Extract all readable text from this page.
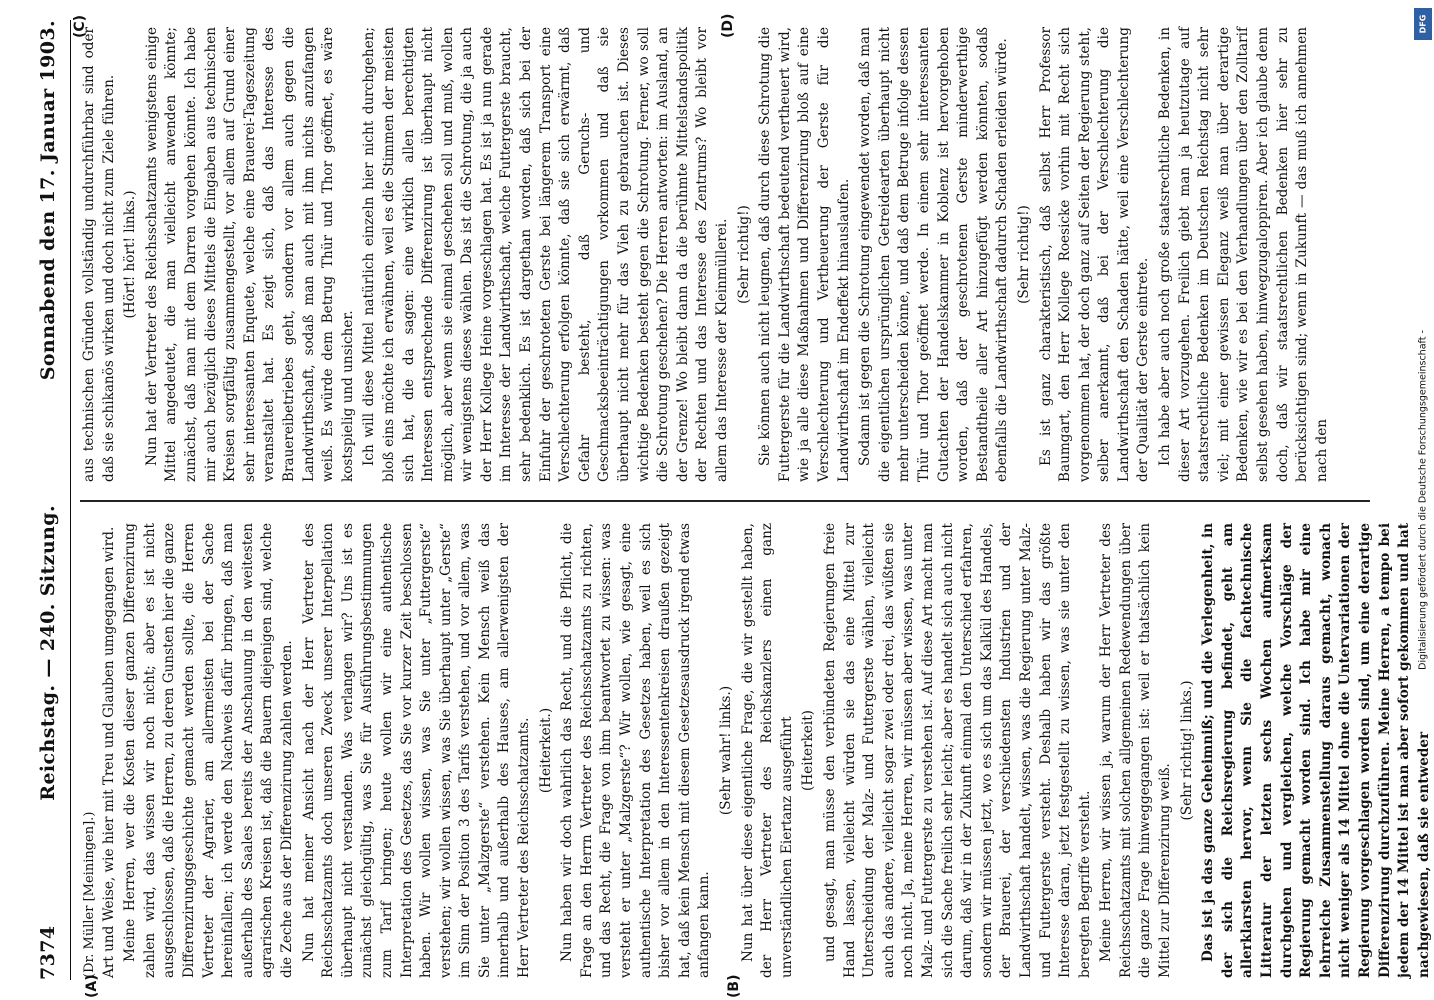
7374
Reichstag. — 240. Sitzung.
Sonnabend den 17. Januar 1903.
(Dr. Müller [Meiningen].) Art und Weise, wie hier mit Treu und Glauben umgegangen wird. Meine Herren, wer die Kosten dieser ganzen Differenzirung zahlen wird, das wissen wir noch nicht; aber es ist nicht ausgeschlossen, daß die Herren, zu deren Gunsten hier die ganze Differenzirungsgeschichte gemacht werden sollte, die Herren Vertreter der Agrarier, am allermeisten bei der Sache hereinfallen; ich werde den Nachweis dafür bringen, daß man außerhalb des Saales bereits der Anschauung in den weitesten agrarischen Kreisen ist, daß die Bauern diejenigen sind, welche die Zeche aus der Differenzirung zahlen werden. Nun hat meiner Ansicht nach der Herr Vertreter des Reichsschatzamts doch unseren Zweck unserer Interpellation überhaupt nicht verstanden. Was verlangen wir? Uns ist es zunächst gleichgültig, was Sie für Ausführungsbestimmungen zum Tarif bringen; heute wollen wir eine authentische Interpretation des Gesetzes, das Sie vor kurzer Zeit beschlossen haben. Wir wollen wissen, was Sie unter „Futtergerste“ verstehen; wir wollen wissen, was Sie überhaupt unter „Gerste“ im Sinn der Position 3 des Tarifs verstehen, und vor allem, was Sie unter „Malzgerste“ verstehen. Kein Mensch weiß das innerhalb und außerhalb des Hauses, am allerwenigsten der Herr Vertreter des Reichsschatzamts. (Heiterkeit.) Nun haben wir doch wahrlich das Recht, und die Pflicht, die Frage an den Herrn Vertreter des Reichsschatzamts zu richten, und das Recht, die Frage von ihm beantwortet zu wissen: was versteht er unter „Malzgerste“? Wir wollen, wie gesagt, eine authentische Interpretation des Gesetzes haben, weil es sich bisher vor allem in den Interessentenkreisen draußen gezeigt hat, daß kein Mensch mit diesem Gesetzesausdruck irgend etwas anfangen kann.

(Sehr wahr! links.) Nun hat über diese eigentliche Frage, die wir gestellt haben, der Herr Vertreter des Reichskanzlers einen ganz unverständlichen Eiertanz ausgeführt (Heiterkeit) und gesagt, man müsse den verbündeten Regierungen freie Hand lassen, vielleicht würden sie das eine Mittel zur Unterscheidung der Malz- und Futtergerste wählen, vielleicht auch das andere, vielleicht sogar zwei oder drei, das wüßten sie noch nicht. Ja, meine Herren, wir müssen aber wissen, was unter Malz- und Futtergerste zu verstehen ist. Auf diese Art macht man sich die Sache freilich sehr leicht; aber es handelt sich auch nicht darum, daß wir in der Zukunft einmal den Unterschied erfahren, sondern wir müssen jetzt, wo es sich um das Kalkül des Handels, der Brauerei, der verschiedensten Industrien und der Landwirthschaft handelt, wissen, was die Regierung unter Malz- und Futtergerste versteht. Deshalb haben wir das größte Interesse daran, jetzt festgestellt zu wissen, was sie unter den beregten Begriffe versteht. Meine Herren, wir wissen ja, warum der Herr Vertreter des Reichsschatzamts mit solchen allgemeinen Redewendungen über die ganze Frage hinweggegangen ist: weil er thatsächlich kein Mittel zur Differenzirung weiß.

(Sehr richtig! links.) Das ist ja das ganze Geheimniß; und die Verlegenheit, in der sich die Reichsregierung befindet, geht am allerklarsten hervor, wenn Sie die fachtechnische Litteratur der letzten sechs Wochen aufmerksam durchgehen und vergleichen, welche Vorschläge der Regierung gemacht worden sind. Ich habe mir eine lehrreiche Zusammenstellung daraus gemacht, wonach nicht weniger als 14 Mittel ohne die Untervariationen der Regierung vorgeschlagen worden sind, um eine derartige Differenzirung durchzuführen. Meine Herren, a tempo bei jedem der 14 Mittel ist man aber sofort gekommen und hat nachgewiesen, daß sie entweder

aus technischen Gründen vollständig undurchführbar sind oder daß sie schikanös wirken und doch nicht zum Ziele führen. (Hört! hört! links.) Nun hat der Vertreter des Reichsschatzamts wenigstens einige Mittel angedeutet, die man vielleicht anwenden könnte; zunächst, daß man mit dem Darren vorgehen könnte. Ich habe mir auch bezüglich dieses Mittels die Eingaben aus technischen Kreisen sorgfältig zusammengestellt, vor allem auf Grund einer sehr interessanten Enquete, welche eine Brauerei-Tageszeitung veranstaltet hat. Es zeigt sich, daß das Interesse des Brauereibetriebes geht, sondern vor allem auch gegen die Landwirthschaft, sodaß man auch mit ihm nichts anzufangen weiß. Es würde dem Betrug Thür und Thor geöffnet, es wäre kostspielig und unsicher. Ich will diese Mittel natürlich einzeln hier nicht durchgehen; bloß eins möchte ich erwähnen, weil es die Stimmen der meisten sich hat, die da sagen: eine wirklich allen berechtigten Interessen entsprechende Differenzirung ist überhaupt nicht möglich, aber wenn sie einmal geschehen soll und muß, wollen wir wenigstens dieses wählen. Das ist die Schrotung, die ja auch der Herr Kollege Heine vorgeschlagen hat. Es ist ja nun gerade im Interesse der Landwirthschaft, welche Futtergerste braucht, sehr bedenklich. Es ist dargethan worden, daß sich bei der Einfuhr der geschroteten Gerste bei längerem Transport eine Verschlechterung erfolgen könnte, daß sie sich erwärmt, daß Gefahr besteht, daß Geruchs- und Geschmacksbeeinträchtigungen vorkommen und daß sie überhaupt nicht mehr für das Vieh zu gebrauchen ist. Dieses wichtige Bedenken besteht gegen die Schrotung. Ferner, wo soll die Schrotung geschehen? Die Herren antworten: im Ausland, an der Grenze! Wo bleibt dann da die berühmte Mittelstandspolitik der Rechten und das Interesse des Zentrums? Wo bleibt vor allem das Interesse der Kleinmüllerei. (Sehr richtig!) Sie können auch nicht leugnen, daß durch diese Schrotung die Futtergerste für die Landwirthschaft bedeutend vertheuert wird, wie ja alle diese Maßnahmen und Differenzirung bloß auf eine Verschlechterung und Vertheuerung der Gerste für die Landwirthschaft im Endeffekt hinauslaufen. Sodann ist gegen die Schrotung eingewendet worden, daß man die eigentlichen ursprünglichen Getreidearten überhaupt nicht mehr unterscheiden könne, und daß dem Betruge infolge dessen Thür und Thor geöffnet werde. In einem sehr interessanten Gutachten der Handelskammer in Koblenz ist hervorgehoben worden, daß der geschrotenen Gerste minderwerthige Bestandtheile aller Art hinzugefügt werden könnten, sodaß ebenfalls die Landwirthschaft dadurch Schaden erleiden würde. (Sehr richtig!) Es ist ganz charakteristisch, daß selbst Herr Professor Baumgart, den Herr Kollege Roesicke vorhin mit Recht sich vorgenommen hat, der doch ganz auf Seiten der Regierung steht, selber anerkannt, daß bei der Verschlechterung die Landwirthschaft den Schaden hätte, weil eine Verschlechterung der Qualität der Gerste eintrete. Ich habe aber auch noch große staatsrechtliche Bedenken, in dieser Art vorzugehen. Freilich giebt man ja heutzutage auf staatsrechtliche Bedenken im Deutschen Reichstag nicht sehr viel; mit einer gewissen Eleganz weiß man über derartige Bedenken, wie wir es bei den Verhandlungen über den Zolltarif selbst gesehen haben, hinwegzugaloppiren. Aber ich glaube denn doch, daß wir staatsrechtlichen Bedenken hier sehr zu berücksichtigen sind; wenn in Zukunft — das muß ich annehmen nach den

(A)	(B)
(C)	(D)	DFG
Digitalisierung gefördert durch die Deutsche Forschungsgemeinschaft -
